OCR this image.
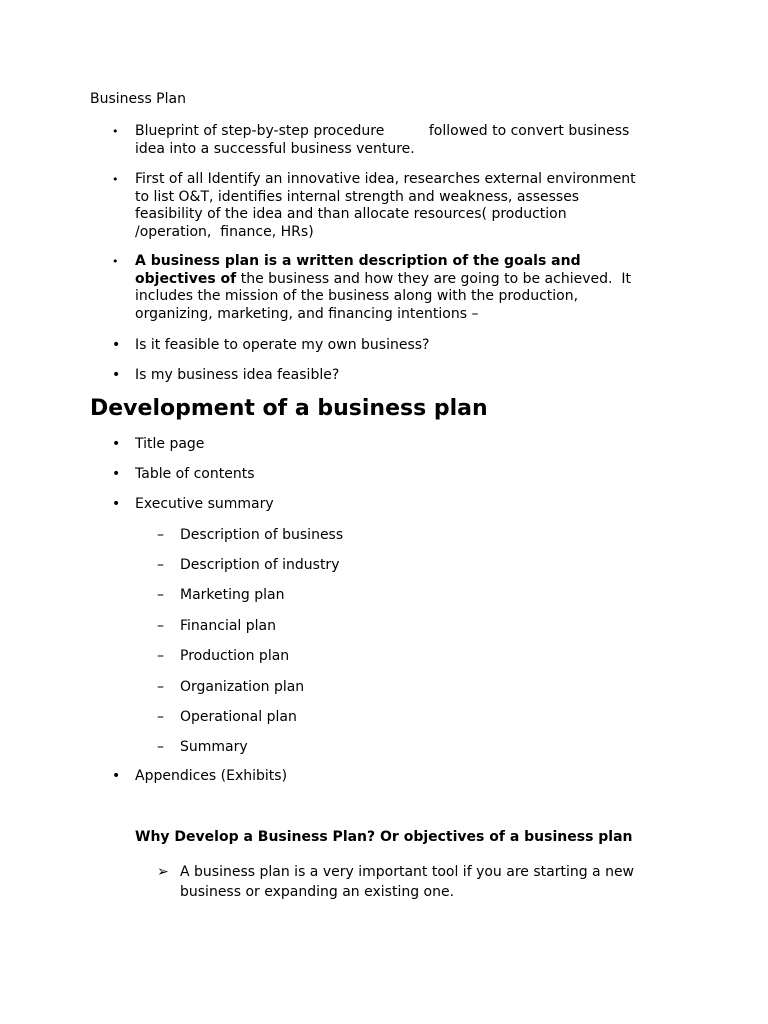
Business Plan
•	Blueprint of step-by-step procedure          followed to convert business
idea into a successful business venture.
•	First of all Identify an innovative idea, researches external environment
to list O&T, identifies internal strength and weakness, assesses
feasibility of the idea and than allocate resources( production
/operation,  finance, HRs)
•	A business plan is a written description of the goals and
objectives of the business and how they are going to be achieved.  It
includes the mission of the business along with the production,
organizing, marketing, and financing intentions –
•	Is it feasible to operate my own business?
•	Is my business idea feasible?
Development of a business plan
•	Title page
•	Table of contents
•	Executive summary
– Description of business
– Description of industry
– Marketing plan
– Financial plan
– Production plan
– Organization plan
– Operational plan
– Summary
•	Appendices (Exhibits)
Why Develop a Business Plan? Or objectives of a business plan
➢ A business plan is a very important tool if you are starting a new
business or expanding an existing one.
